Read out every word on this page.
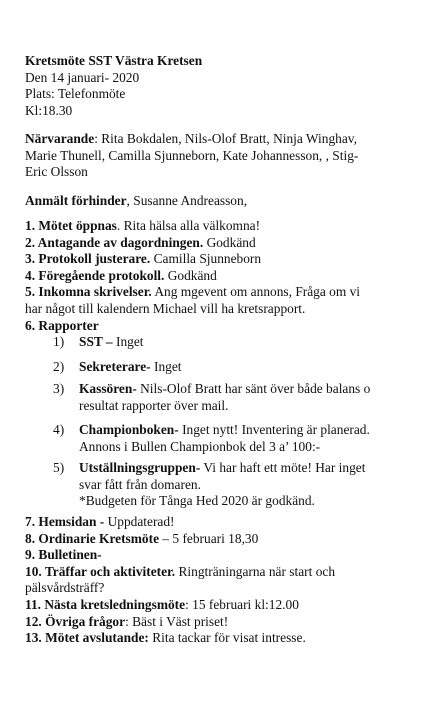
Kretsmöte SST Västra Kretsen
Den 14 januari- 2020
Plats: Telefonmöte
Kl:18.30
Närvarande: Rita Bokdalen, Nils-Olof Bratt, Ninja Winghav,
Marie Thunell, Camilla Sjunneborn, Kate Johannesson, , Stig-
Eric Olsson
Anmält förhinder, Susanne Andreasson,
1. Mötet öppnas. Rita hälsa alla välkomna!
2. Antagande av dagordningen. Godkänd
3. Protokoll justerare. Camilla Sjunneborn
4. Föregående protokoll. Godkänd
5. Inkomna skrivelser. Ang mgevent om annons, Fråga om vi
har något till kalendern Michael vill ha kretsrapport.
6. Rapporter
1)	SST – Inget
2)	Sekreterare- Inget
3)	Kassören- Nils-Olof Bratt har sänt över både balans o
resultat rapporter över mail.
4)	Championboken- Inget nytt! Inventering är planerad.
Annons i Bullen Championbok del 3 a’ 100:-
5)	Utställningsgruppen- Vi har haft ett möte! Har inget
svar fått från domaren.
*Budgeten för Tånga Hed 2020 är godkänd.
7. Hemsidan - Uppdaterad!
8. Ordinarie Kretsmöte – 5 februari 18,30
9. Bulletinen-
10. Träffar och aktiviteter. Ringträningarna när start och
pälsvårdsträff?
11. Nästa kretsledningsmöte: 15 februari kl:12.00
12. Övriga frågor: Bäst i Väst priset!
13. Mötet avslutande: Rita tackar för visat intresse.
